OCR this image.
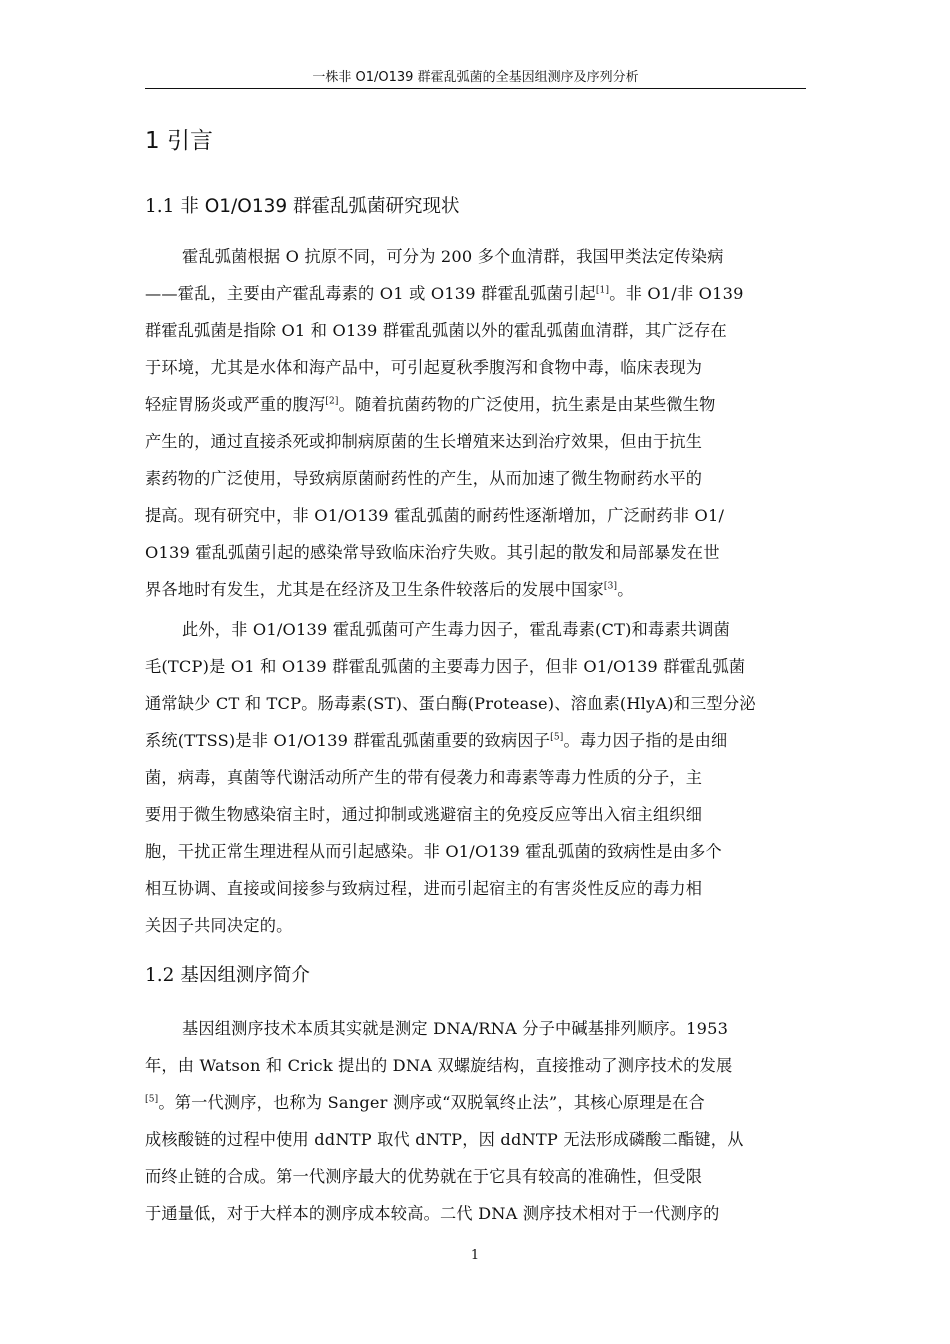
一株非 O1/O139 群霍乱弧菌的全基因组测序及序列分析
1 引言
1.1 非 O1/O139 群霍乱弧菌研究现状
霍乱弧菌根据 O 抗原不同，可分为 200 多个血清群，我国甲类法定传染病
——霍乱，主要由产霍乱毒素的 O1 或 O139 群霍乱弧菌引起[1]。非 O1/非 O139
群霍乱弧菌是指除 O1 和 O139 群霍乱弧菌以外的霍乱弧菌血清群，其广泛存在
于环境，尤其是水体和海产品中，可引起夏秋季腹泻和食物中毒，临床表现为
轻症胃肠炎或严重的腹泻[2]。随着抗菌药物的广泛使用，抗生素是由某些微生物
产生的，通过直接杀死或抑制病原菌的生长增殖来达到治疗效果，但由于抗生
素药物的广泛使用，导致病原菌耐药性的产生，从而加速了微生物耐药水平的
提高。现有研究中，非 O1/O139 霍乱弧菌的耐药性逐渐增加，广泛耐药非 O1/
O139 霍乱弧菌引起的感染常导致临床治疗失败。其引起的散发和局部暴发在世
界各地时有发生，尤其是在经济及卫生条件较落后的发展中国家[3]。
此外，非 O1/O139 霍乱弧菌可产生毒力因子，霍乱毒素(CT)和毒素共调菌
毛(TCP)是 O1 和 O139 群霍乱弧菌的主要毒力因子，但非 O1/O139 群霍乱弧菌
通常缺少 CT 和 TCP。肠毒素(ST)、蛋白酶(Protease)、溶血素(HlyA)和三型分泌
系统(TTSS)是非 O1/O139 群霍乱弧菌重要的致病因子[5]。毒力因子指的是由细
菌，病毒，真菌等代谢活动所产生的带有侵袭力和毒素等毒力性质的分子，主
要用于微生物感染宿主时，通过抑制或逃避宿主的免疫反应等出入宿主组织细
胞，干扰正常生理进程从而引起感染。非 O1/O139 霍乱弧菌的致病性是由多个
相互协调、直接或间接参与致病过程，进而引起宿主的有害炎性反应的毒力相
关因子共同决定的。
1.2 基因组测序简介
基因组测序技术本质其实就是测定 DNA/RNA 分子中碱基排列顺序。1953
年，由 Watson 和 Crick 提出的 DNA 双螺旋结构，直接推动了测序技术的发展
[5]。第一代测序，也称为 Sanger 测序或“双脱氧终止法”，其核心原理是在合
成核酸链的过程中使用 ddNTP 取代 dNTP，因 ddNTP 无法形成磷酸二酯键，从
而终止链的合成。第一代测序最大的优势就在于它具有较高的准确性，但受限
于通量低，对于大样本的测序成本较高。二代 DNA 测序技术相对于一代测序的
1
